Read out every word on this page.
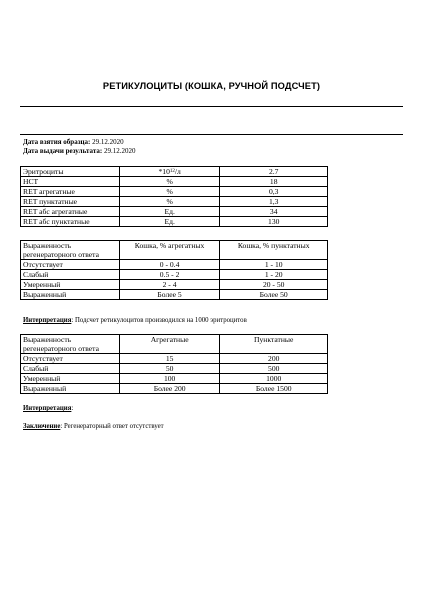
РЕТИКУЛОЦИТЫ (КОШКА, РУЧНОЙ ПОДСЧЕТ)
Дата взятия образца: 29.12.2020
Дата выдачи результата: 29.12.2020
Эритроциты	$*10^{12}/л$	2.7
HCT	%	18
RET агрегатные	%	0,3
RET пунктатные	%	1,3
RET абс агрегатные	Ед.	34
RET абс пунктатные	Ед.	130
Выраженность
регенераторного ответа	Кошка, % агрегатных	Кошка, % пунктатных
Отсутствует	0 - 0.4	1 - 10
Слабый	0.5 - 2	1 - 20
Умеренный	2 - 4	20 - 50
Выраженный	Более 5	Более 50
Интерпретация: Подсчет ретикулоцитов производился на 1000 эритроцитов
Выраженность
регенераторного ответа	Агрегатные	Пунктатные
Отсутствует	15	200
Слабый	50	500
Умеренный	100	1000
Выраженный	Более 200	Более 1500
Интерпретация:
Заключение: Регенераторный ответ отсутствует
